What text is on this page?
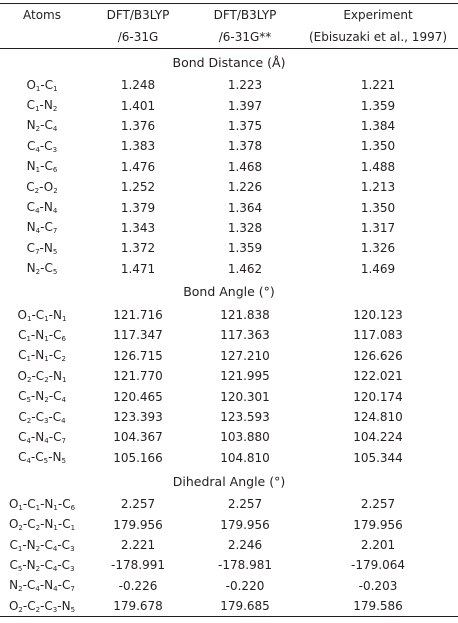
Atoms	DFT/B3LYP	DFT/B3LYP	Experiment
	/6-31G	/6-31G**	(Ebisuzaki et al., 1997)
Bond Distance (Å)			
$O_1-C_1$	1.248	1.223	1.221
$C_1-N_2$	1.401	1.397	1.359
$N_2-C_4$	1.376	1.375	1.384
$C_4-C_3$	1.383	1.378	1.350
$N_1-C_6$	1.476	1.468	1.488
$C_2-O_2$	1.252	1.226	1.213
$C_4-N_4$	1.379	1.364	1.350
$N_4-C_7$	1.343	1.328	1.317
$C_7-N_5$	1.372	1.359	1.326
$N_2-C_5$	1.471	1.462	1.469
Bond Angle (°)			
$O_1-C_1-N_1$	121.716	121.838	120.123
$C_1-N_1-C_6$	117.347	117.363	117.083
$C_1-N_1-C_2$	126.715	127.210	126.626
$O_2-C_2-N_1$	121.770	121.995	122.021
$C_5-N_2-C_4$	120.465	120.301	120.174
$C_2-C_3-C_4$	123.393	123.593	124.810
$C_4-N_4-C_7$	104.367	103.880	104.224
$C_4-C_5-N_5$	105.166	104.810	105.344
Dihedral Angle (°)			
$O_1-C_1-N_1-C_6$	2.257	2.257	2.257
$O_2-C_2-N_1-C_1$	179.956	179.956	179.956
$C_1-N_2-C_4-C_3$	2.221	2.246	2.201
$C_5-N_2-C_4-C_3$	-178.991	-178.981	-179.064
$N_2-C_4-N_4-C_7$	-0.226	-0.220	-0.203
$O_2-C_2-C_3-N_5$	179.678	179.685	179.586
